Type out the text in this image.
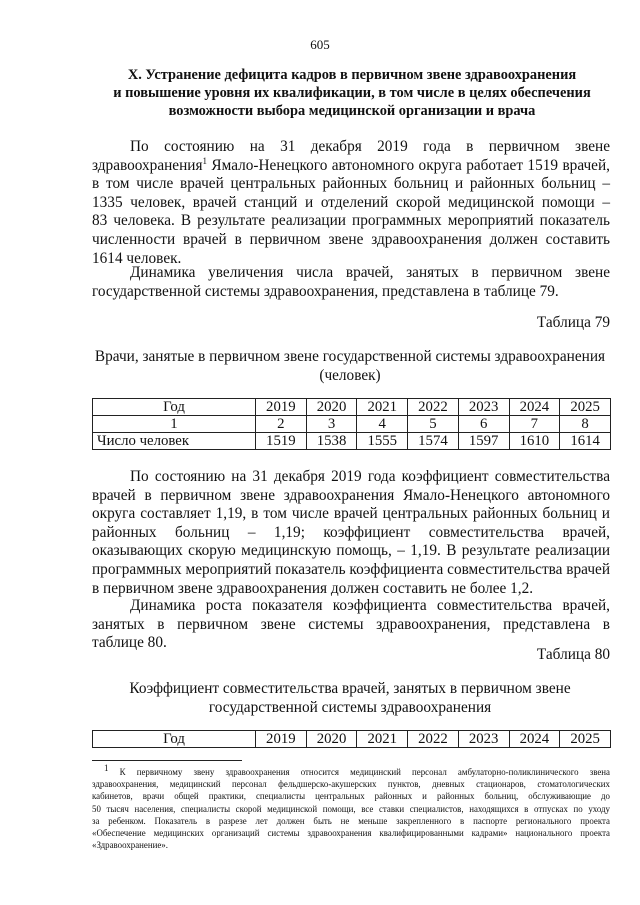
605
X. Устранение дефицита кадров в первичном звене здравоохранения
и повышение уровня их квалификации, в том числе в целях обеспечения
возможности выбора медицинской организации и врача

По состоянию на 31 декабря 2019 года в первичном звене
здравоохранения$^1$ Ямало-Ненецкого автономного округа работает 1519 врачей,
в том числе врачей центральных районных больниц и районных больниц –
1335 человек, врачей станций и отделений скорой медицинской помощи –
83 человека. В результате реализации программных мероприятий показатель
численности врачей в первичном звене здравоохранения должен составить
1614 человек.

Динамика увеличения числа врачей, занятых в первичном звене
государственной системы здравоохранения, представлена в таблице 79.

Таблица 79
Врачи, занятые в первичном звене государственной системы здравоохранения
(человек)
Год	2019	2020	2021	2022	2023	2024	2025
1	2	3	4	5	6	7	8
Число человек	1519	1538	1555	1574	1597	1610	1614

По состоянию на 31 декабря 2019 года коэффициент совместительства
врачей в первичном звене здравоохранения Ямало-Ненецкого автономного
округа составляет 1,19, в том числе врачей центральных районных больниц и
районных больниц – 1,19; коэффициент совместительства врачей,
оказывающих скорую медицинскую помощь, – 1,19. В результате реализации
программных мероприятий показатель коэффициента совместительства врачей
в первичном звене здравоохранения должен составить не более 1,2.

Динамика роста показателя коэффициента совместительства врачей,
занятых в первичном звене системы здравоохранения, представлена в
таблице 80.

Таблица 80
Коэффициент совместительства врачей, занятых в первичном звене
государственной системы здравоохранения
Год	2019	2020	2021	2022	2023	2024	2025

$^1$ К первичному звену здравоохранения относится медицинский персонал амбулаторно-поликлинического звена
здравоохранения, медицинский персонал фельдшерско-акушерских пунктов, дневных стационаров, стоматологических
кабинетов, врачи общей практики, специалисты центральных районных и районных больниц, обслуживающие до
50 тысяч населения, специалисты скорой медицинской помощи, все ставки специалистов, находящихся в отпусках по уходу
за ребенком. Показатель в разрезе лет должен быть не меньше закрепленного в паспорте регионального проекта
«Обеспечение медицинских организаций системы здравоохранения квалифицированными кадрами» национального проекта
«Здравоохранение».
